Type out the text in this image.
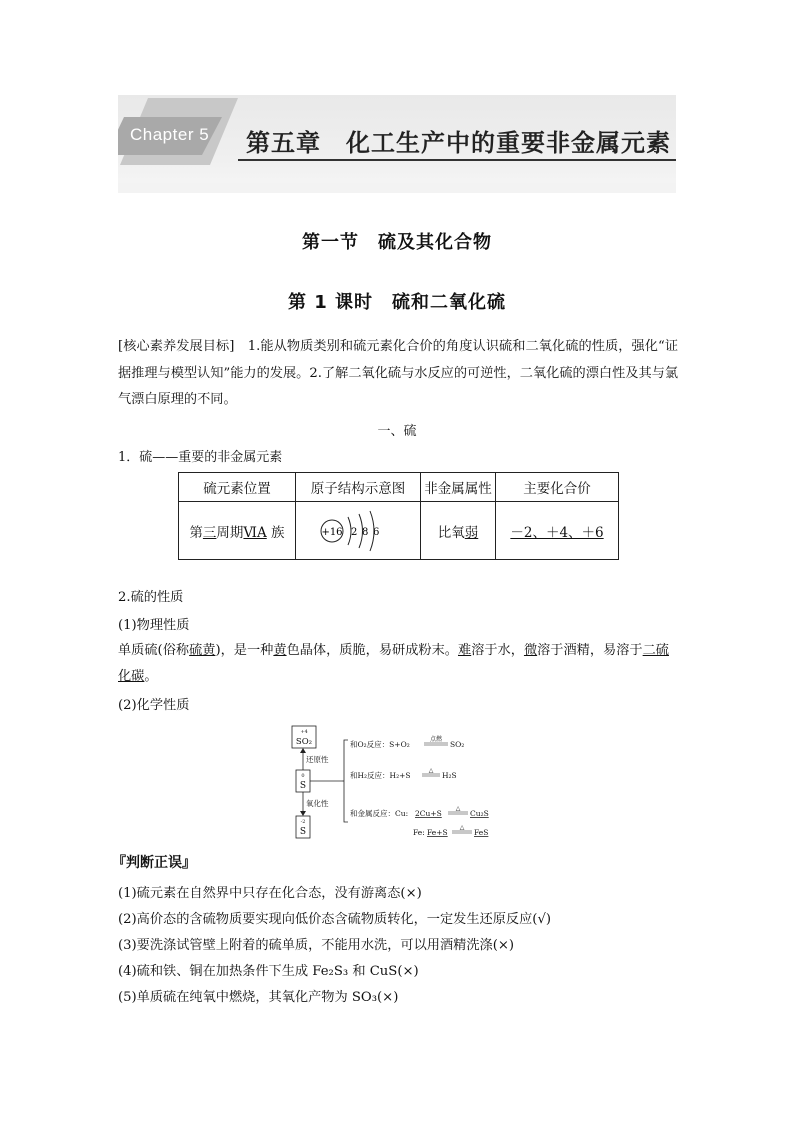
Chapter 5	第五章　化工生产中的重要非金属元素
第一节　硫及其化合物
第 1 课时　硫和二氧化硫
[核心素养发展目标]　1.能从物质类别和硫元素化合价的角度认识硫和二氧化硫的性质，强化“证据推理与模型认知”能力的发展。2.了解二氧化硫与水反应的可逆性，二氧化硫的漂白性及其与氯气漂白原理的不同。
一、硫
1．硫——重要的非金属元素
硫元素位置	原子结构示意图	非金属属性	主要化合价
第三周期ⅥA 族	+16 2 8 6	比氧弱	－2、＋4、＋6
2.硫的性质
(1)物理性质
单质硫(俗称硫黄)，是一种黄色晶体，质脆，易研成粉末。难溶于水，微溶于酒精，易溶于二硫化碳。
(2)化学性质
+4
SO₂
0
S
-2
S
还原性
氧化性
和O₂反应：S+O₂
点燃
SO₂
和H₂反应：H₂+S
△
H₂S
和金属反应：Cu: 2Cu+S
△
Cu₂S
Fe: Fe+S
△
FeS
『判断正误』
(1)硫元素在自然界中只存在化合态，没有游离态(×)
(2)高价态的含硫物质要实现向低价态含硫物质转化，一定发生还原反应(√)
(3)要洗涤试管壁上附着的硫单质，不能用水洗，可以用酒精洗涤(×)
(4)硫和铁、铜在加热条件下生成 Fe₂S₃ 和 CuS(×)
(5)单质硫在纯氧中燃烧，其氧化产物为 SO₃(×)
